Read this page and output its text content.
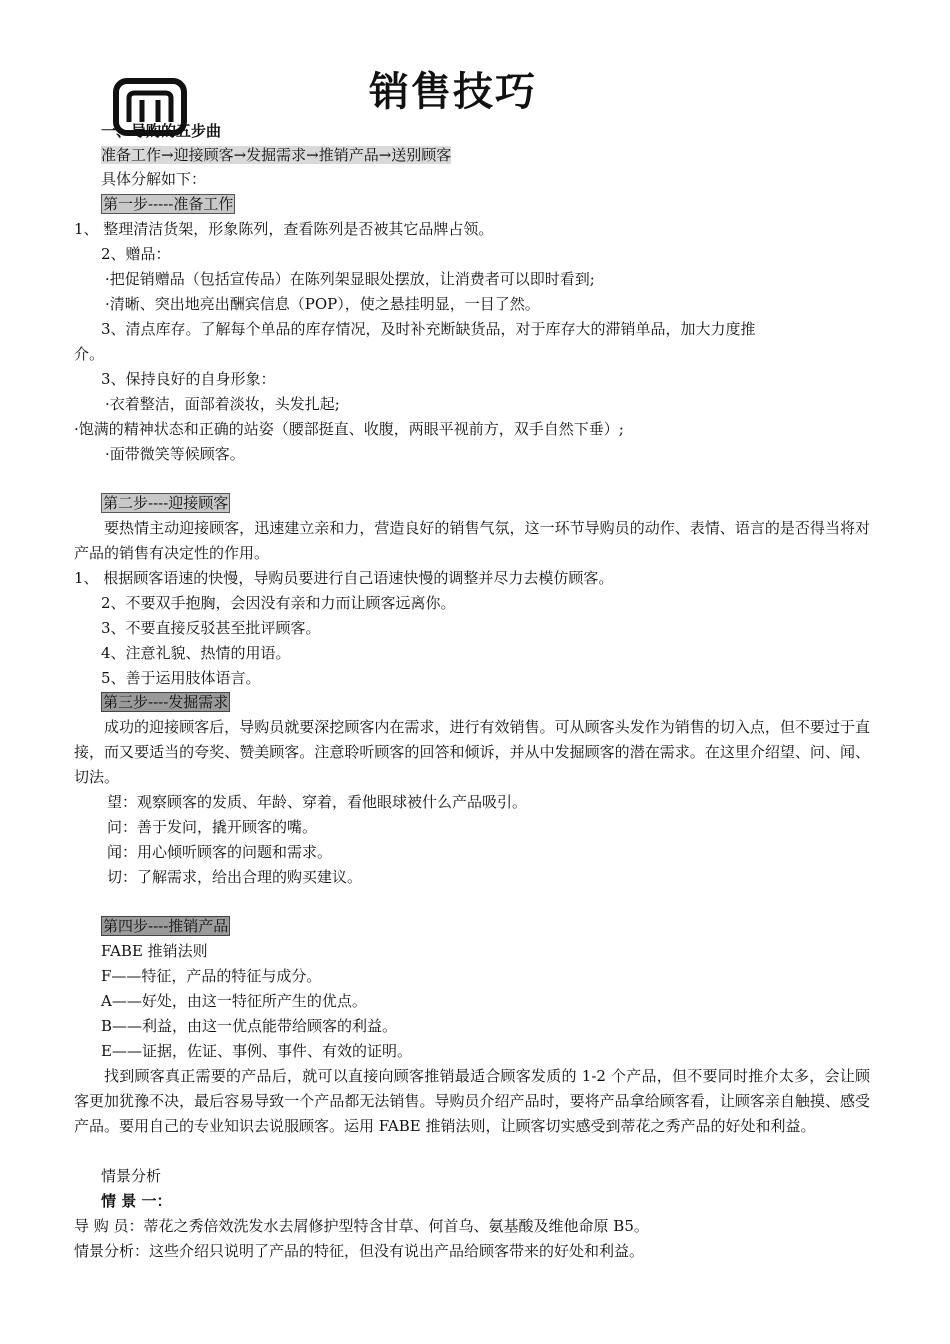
销售技巧
一、导购的五步曲
准备工作→迎接顾客→发掘需求→推销产品→送别顾客
具体分解如下：
第一步-----准备工作
1、 整理清洁货架，形象陈列，查看陈列是否被其它品牌占领。
2、赠品：
·把促销赠品（包括宣传品）在陈列架显眼处摆放，让消费者可以即时看到;
·清晰、突出地亮出酬宾信息（POP），使之悬挂明显，一目了然。
3、清点库存。了解每个单品的库存情况，及时补充断缺货品，对于库存大的滞销单品，加大力度推
介。
3、保持良好的自身形象：
·衣着整洁，面部着淡妆，头发扎起;
·饱满的精神状态和正确的站姿（腰部挺直、收腹，两眼平视前方，双手自然下垂）;
·面带微笑等候顾客。
第二步----迎接顾客
要热情主动迎接顾客，迅速建立亲和力，营造良好的销售气氛，这一环节导购员的动作、表情、语言的是否得当将对产品的销售有决定性的作用。
1、 根据顾客语速的快慢，导购员要进行自己语速快慢的调整并尽力去模仿顾客。
2、不要双手抱胸，会因没有亲和力而让顾客远离你。
3、不要直接反驳甚至批评顾客。
4、注意礼貌、热情的用语。
5、善于运用肢体语言。
第三步----发掘需求
成功的迎接顾客后，导购员就要深挖顾客内在需求，进行有效销售。可从顾客头发作为销售的切入点，但不要过于直接，而又要适当的夸奖、赞美顾客。注意聆听顾客的回答和倾诉，并从中发掘顾客的潜在需求。在这里介绍望、问、闻、切法。
望：观察顾客的发质、年龄、穿着，看他眼球被什么产品吸引。
问：善于发问，撬开顾客的嘴。
闻：用心倾听顾客的问题和需求。
切：了解需求，给出合理的购买建议。
第四步----推销产品
FABE 推销法则
F——特征，产品的特征与成分。
A——好处，由这一特征所产生的优点。
B——利益，由这一优点能带给顾客的利益。
E——证据，佐证、事例、事件、有效的证明。
找到顾客真正需要的产品后，就可以直接向顾客推销最适合顾客发质的 1-2 个产品，但不要同时推介太多，会让顾客更加犹豫不决，最后容易导致一个产品都无法销售。导购员介绍产品时，要将产品拿给顾客看，让顾客亲自触摸、感受产品。要用自己的专业知识去说服顾客。运用 FABE 推销法则，让顾客切实感受到蒂花之秀产品的好处和利益。
情景分析
情 景 一：
导 购 员：蒂花之秀倍效洗发水去屑修护型特含甘草、何首乌、氨基酸及维他命原 B5。
情景分析：这些介绍只说明了产品的特征，但没有说出产品给顾客带来的好处和利益。
